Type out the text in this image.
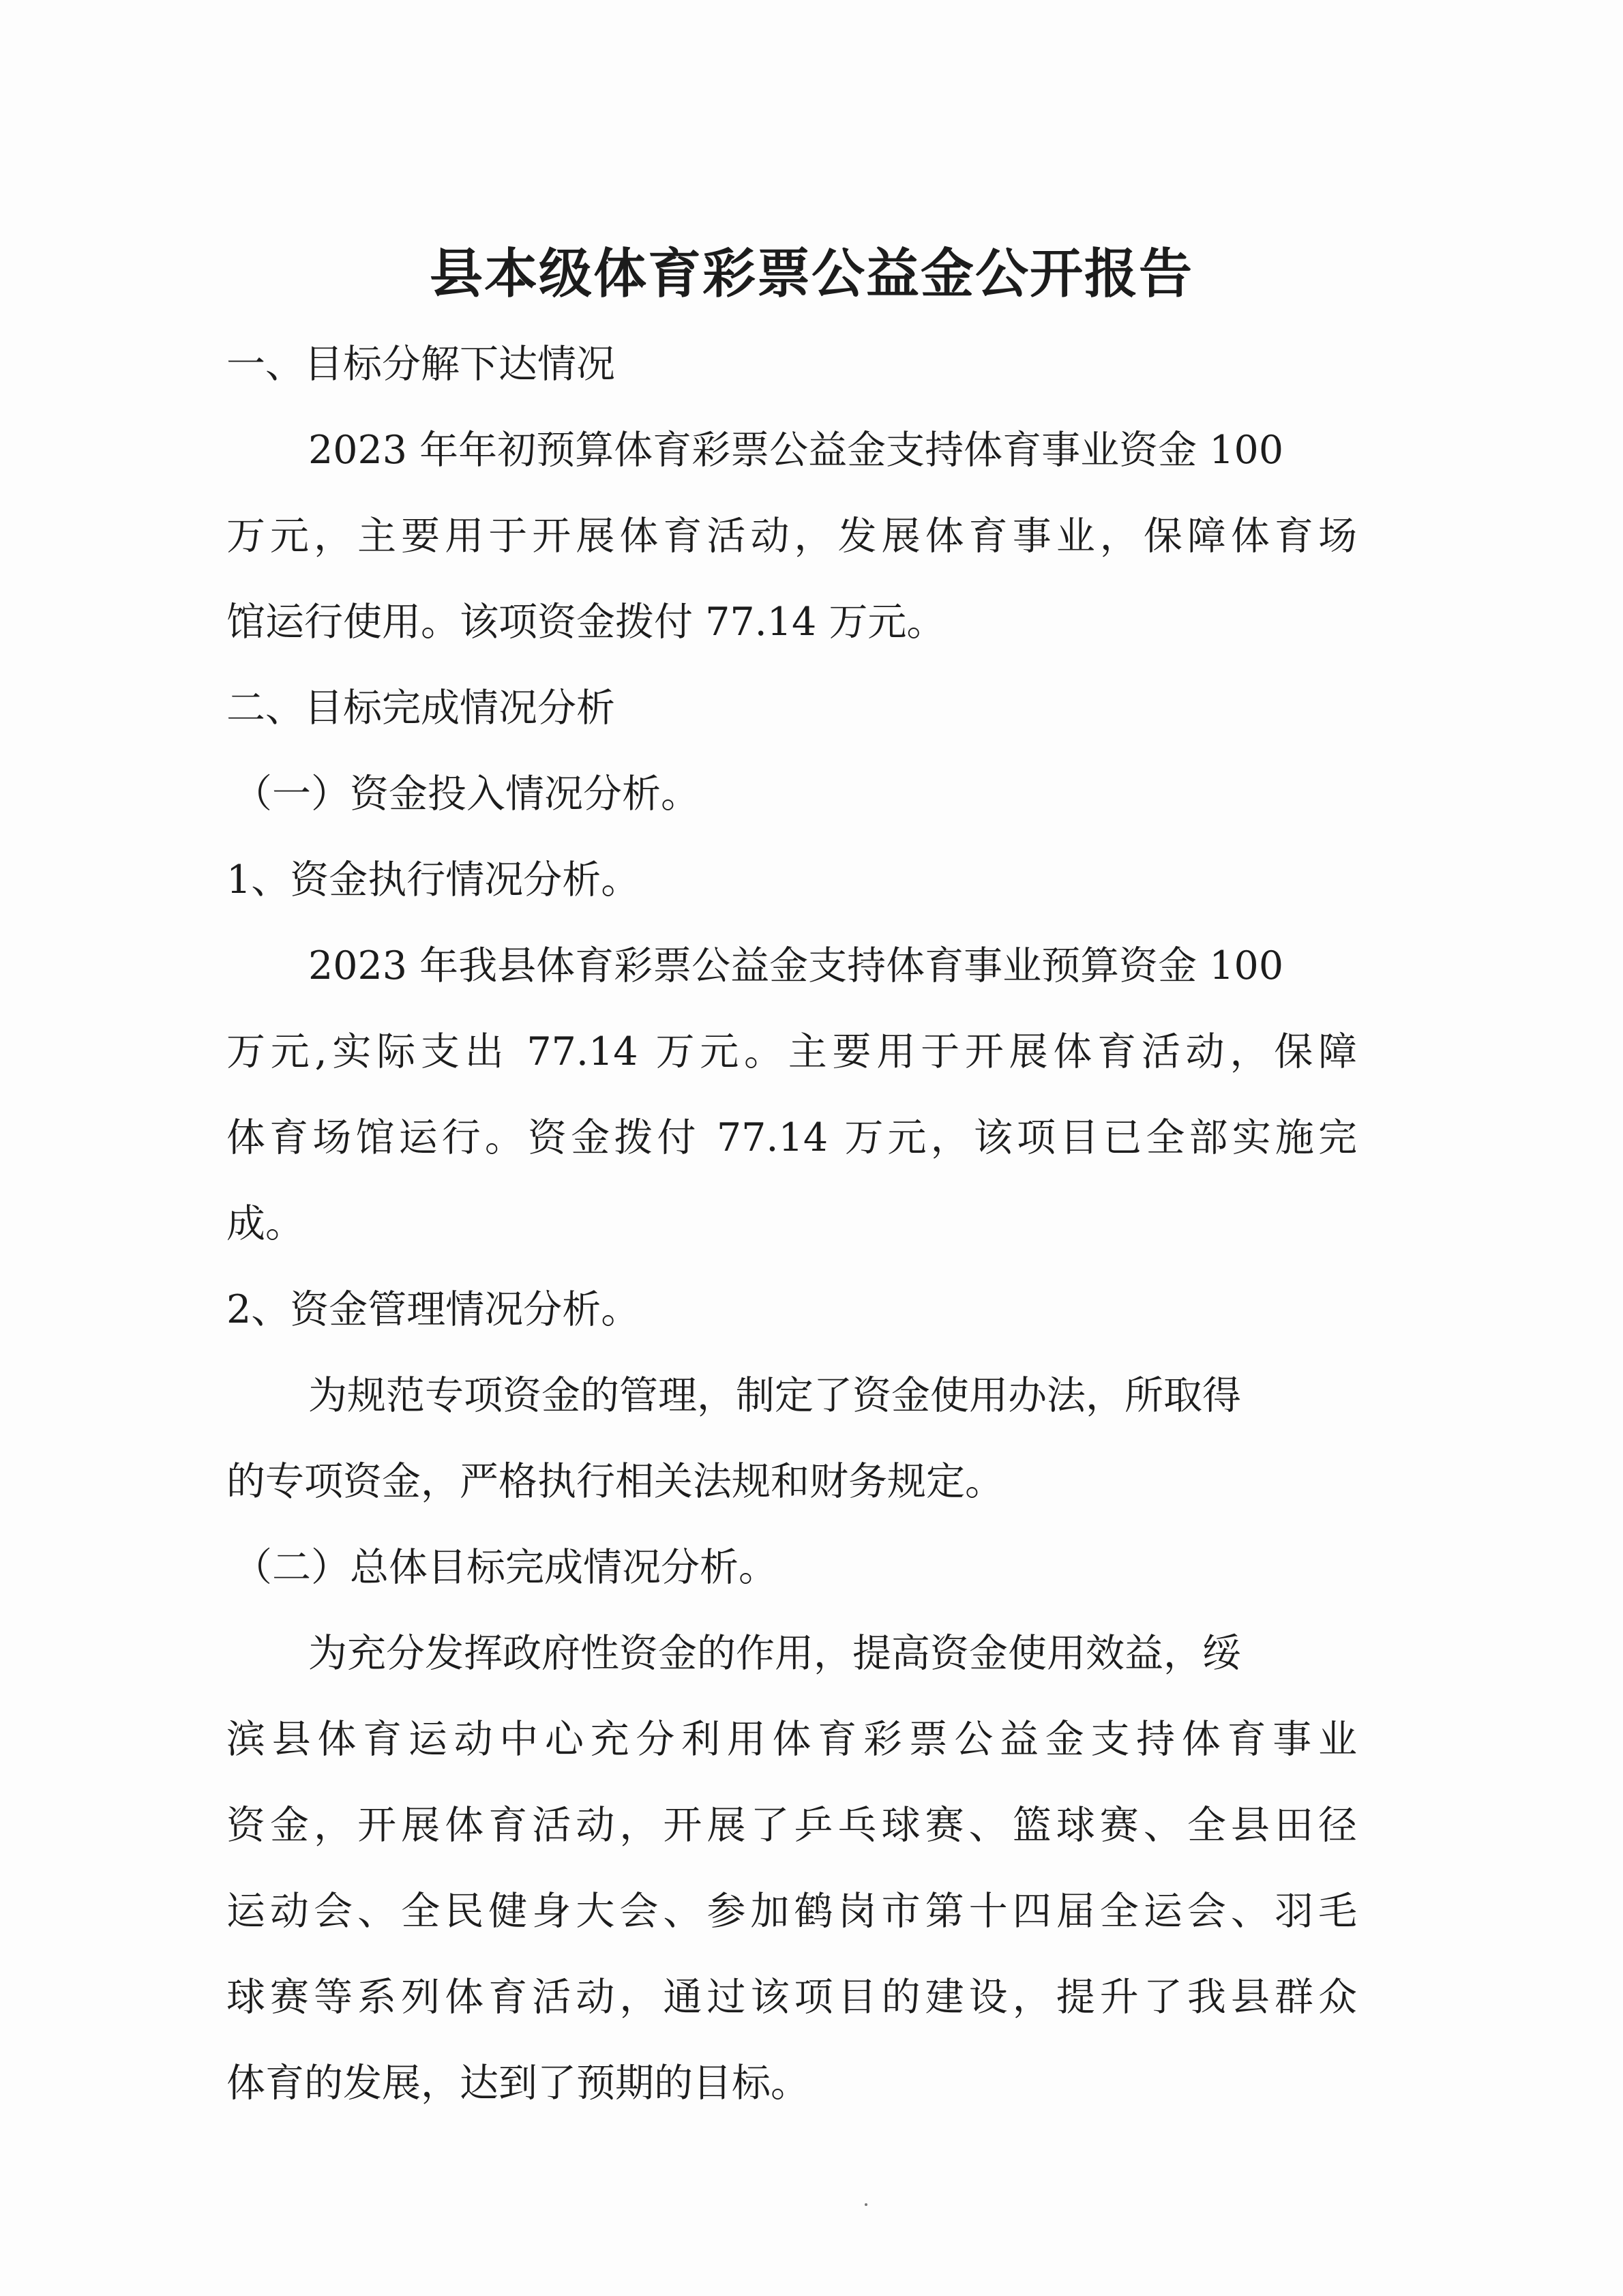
县本级体育彩票公益金公开报告
一、目标分解下达情况
2023 年年初预算体育彩票公益金支持体育事业资金 100
万元，主要用于开展体育活动，发展体育事业，保障体育场
馆运行使用。该项资金拨付 77.14 万元。
二、目标完成情况分析
（一）资金投入情况分析。
1、资金执行情况分析。
2023 年我县体育彩票公益金支持体育事业预算资金 100
万元,实际支出 77.14 万元。主要用于开展体育活动，保障
体育场馆运行。资金拨付 77.14 万元，该项目已全部实施完
成。
2、资金管理情况分析。
为规范专项资金的管理，制定了资金使用办法，所取得
的专项资金，严格执行相关法规和财务规定。
（二）总体目标完成情况分析。
为充分发挥政府性资金的作用，提高资金使用效益，绥
滨县体育运动中心充分利用体育彩票公益金支持体育事业
资金，开展体育活动，开展了乒乓球赛、篮球赛、全县田径
运动会、全民健身大会、参加鹤岗市第十四届全运会、羽毛
球赛等系列体育活动，通过该项目的建设，提升了我县群众
体育的发展，达到了预期的目标。
